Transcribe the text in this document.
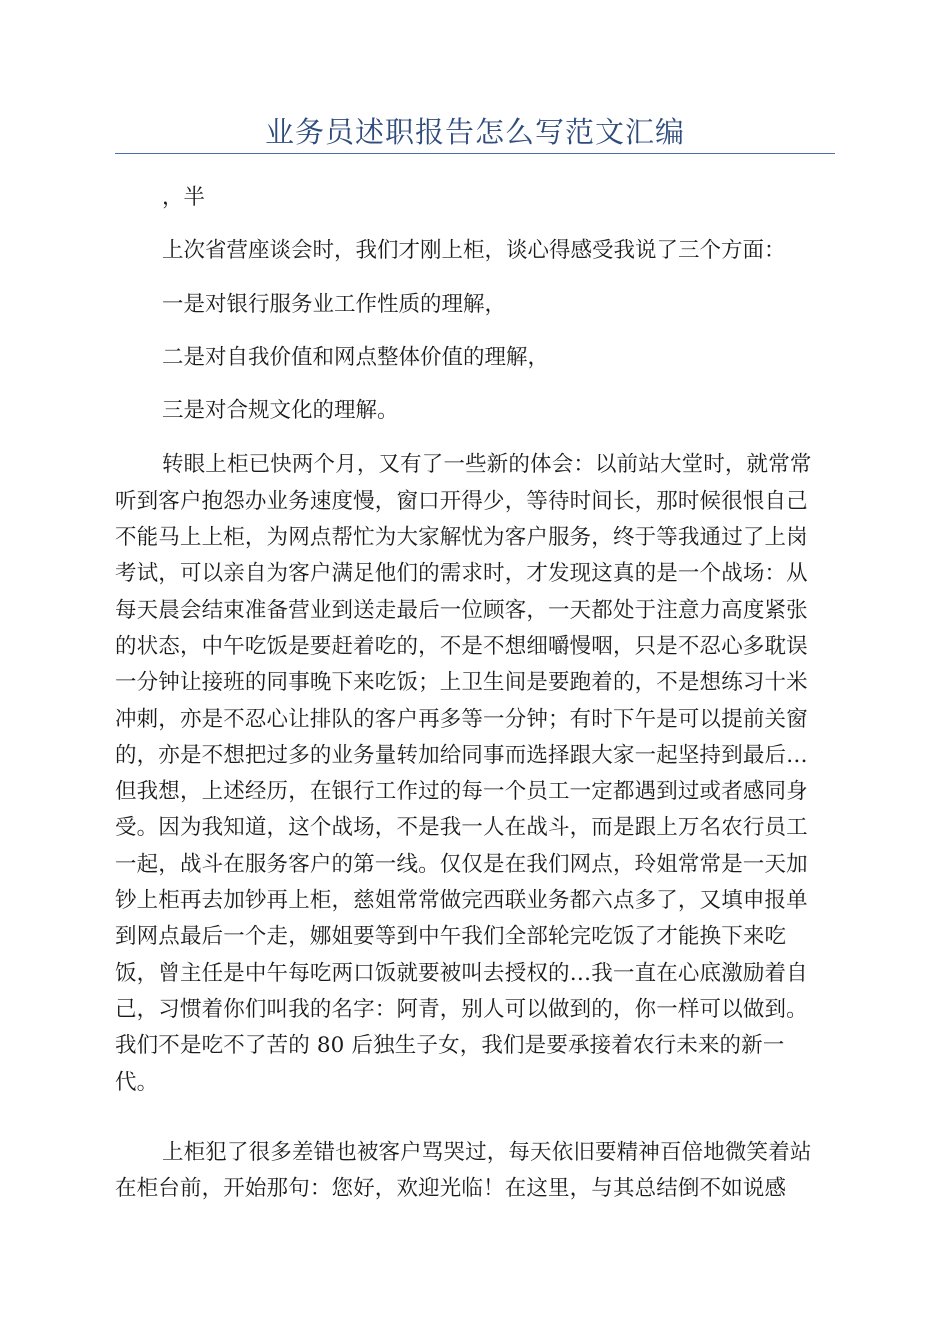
业务员述职报告怎么写范文汇编

，半

上次省营座谈会时，我们才刚上柜，谈心得感受我说了三个方面：

一是对银行服务业工作性质的理解，

二是对自我价值和网点整体价值的理解，

三是对合规文化的理解。

转眼上柜已快两个月，又有了一些新的体会：以前站大堂时，就常常
听到客户抱怨办业务速度慢，窗口开得少，等待时间长，那时候很恨自己
不能马上上柜，为网点帮忙为大家解忧为客户服务，终于等我通过了上岗
考试，可以亲自为客户满足他们的需求时，才发现这真的是一个战场：从
每天晨会结束准备营业到送走最后一位顾客，一天都处于注意力高度紧张
的状态，中午吃饭是要赶着吃的，不是不想细嚼慢咽，只是不忍心多耽误
一分钟让接班的同事晚下来吃饭；上卫生间是要跑着的，不是想练习十米
冲刺，亦是不忍心让排队的客户再多等一分钟；有时下午是可以提前关窗
的，亦是不想把过多的业务量转加给同事而选择跟大家一起坚持到最后…
但我想，上述经历，在银行工作过的每一个员工一定都遇到过或者感同身
受。因为我知道，这个战场，不是我一人在战斗，而是跟上万名农行员工
一起，战斗在服务客户的第一线。仅仅是在我们网点，玲姐常常是一天加
钞上柜再去加钞再上柜，慈姐常常做完西联业务都六点多了，又填申报单
到网点最后一个走，娜姐要等到中午我们全部轮完吃饭了才能换下来吃
饭，曾主任是中午每吃两口饭就要被叫去授权的…我一直在心底激励着自
己，习惯着你们叫我的名字：阿青，别人可以做到的，你一样可以做到。
我们不是吃不了苦的 80 后独生子女，我们是要承接着农行未来的新一
代。
上柜犯了很多差错也被客户骂哭过，每天依旧要精神百倍地微笑着站
在柜台前，开始那句：您好，欢迎光临！在这里，与其总结倒不如说感
